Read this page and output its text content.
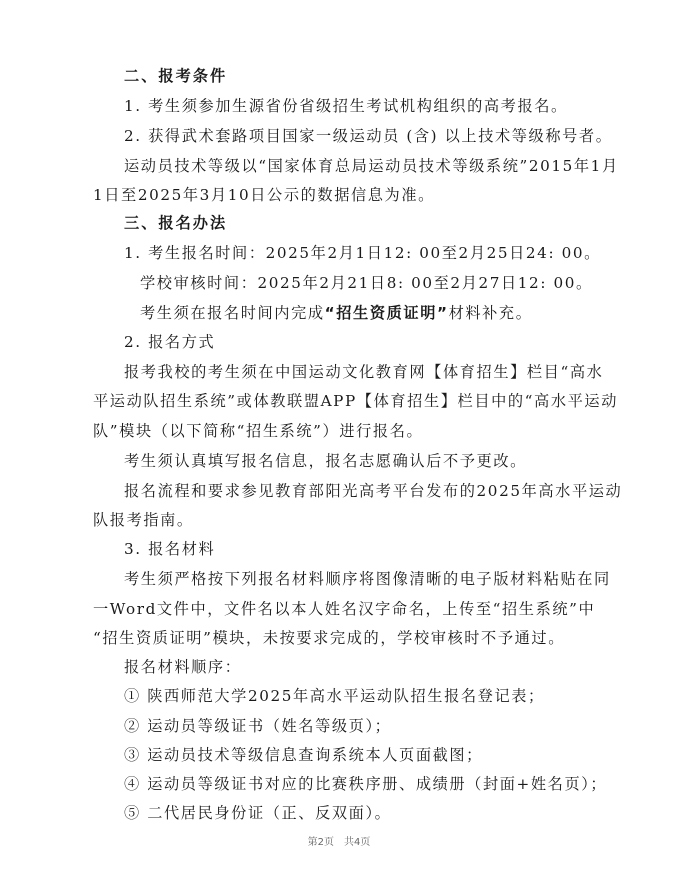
二、报考条件
1. 考生须参加生源省份省级招生考试机构组织的高考报名。
2. 获得武术套路项目国家一级运动员 (含) 以上技术等级称号者。
运动员技术等级以“国家体育总局运动员技术等级系统”2015年1月
1日至2025年3月10日公示的数据信息为准。
三、报名办法
1. 考生报名时间：2025年2月1日12: 00至2月25日24: 00。
学校审核时间：2025年2月21日8: 00至2月27日12: 00。
考生须在报名时间内完成“招生资质证明”材料补充。
2. 报名方式
报考我校的考生须在中国运动文化教育网【体育招生】栏目“高水
平运动队招生系统”或体教联盟APP【体育招生】栏目中的“高水平运动
队”模块（以下简称“招生系统”）进行报名。
考生须认真填写报名信息，报名志愿确认后不予更改。
报名流程和要求参见教育部阳光高考平台发布的2025年高水平运动
队报考指南。
3. 报名材料
考生须严格按下列报名材料顺序将图像清晰的电子版材料粘贴在同
一Word文件中，文件名以本人姓名汉字命名，上传至“招生系统”中
“招生资质证明”模块，未按要求完成的，学校审核时不予通过。
报名材料顺序：
① 陕西师范大学2025年高水平运动队招生报名登记表；
② 运动员等级证书（姓名等级页）；
③ 运动员技术等级信息查询系统本人页面截图；
④ 运动员等级证书对应的比赛秩序册、成绩册（封面+姓名页）；
⑤ 二代居民身份证（正、反双面）。
第2页　共4页
